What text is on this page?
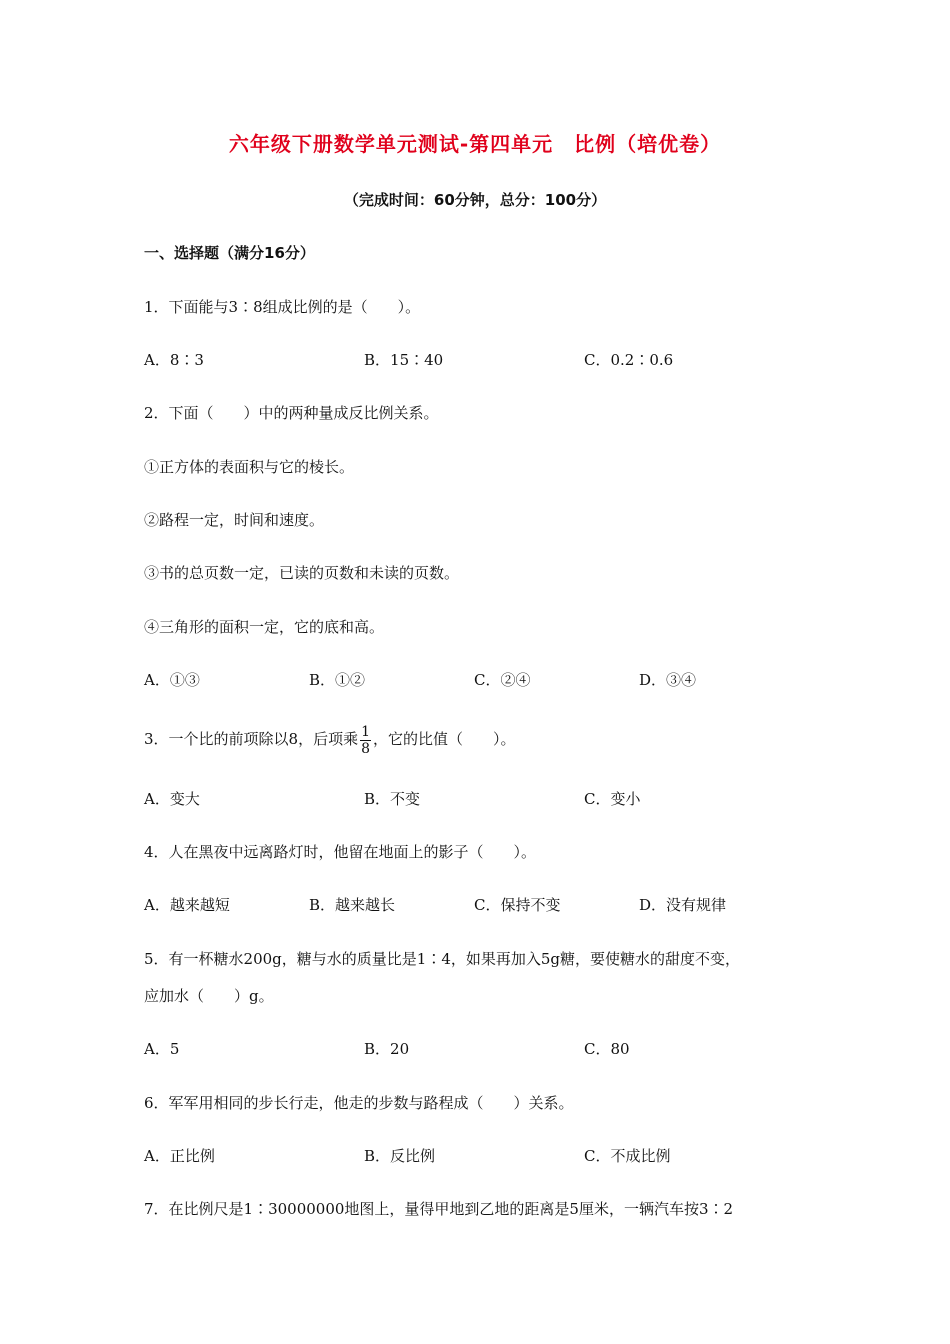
六年级下册数学单元测试-第四单元　比例（培优卷）
（完成时间：60分钟，总分：100分）
一、选择题（满分16分）
1．下面能与3∶8组成比例的是（　　）。
A．8∶3	B．15∶40	C．0.2∶0.6
2．下面（　　）中的两种量成反比例关系。
①正方体的表面积与它的棱长。
②路程一定，时间和速度。
③书的总页数一定，已读的页数和未读的页数。
④三角形的面积一定，它的底和高。
A．①③	B．①②	C．②④	D．③④
3．一个比的前项除以8，后项乘 $\frac{1}{8}$ ，它的比值（　　）。
A．变大	B．不变	C．变小
4．人在黑夜中远离路灯时，他留在地面上的影子（　　）。
A．越来越短	B．越来越长	C．保持不变	D．没有规律
5．有一杯糖水200g，糖与水的质量比是1∶4，如果再加入5g糖，要使糖水的甜度不变，
应加水（　　）g。
A．5	B．20	C．80
6．军军用相同的步长行走，他走的步数与路程成（　　）关系。
A．正比例	B．反比例	C．不成比例
7．在比例尺是1∶30000000地图上，量得甲地到乙地的距离是5厘米，一辆汽车按3∶2
